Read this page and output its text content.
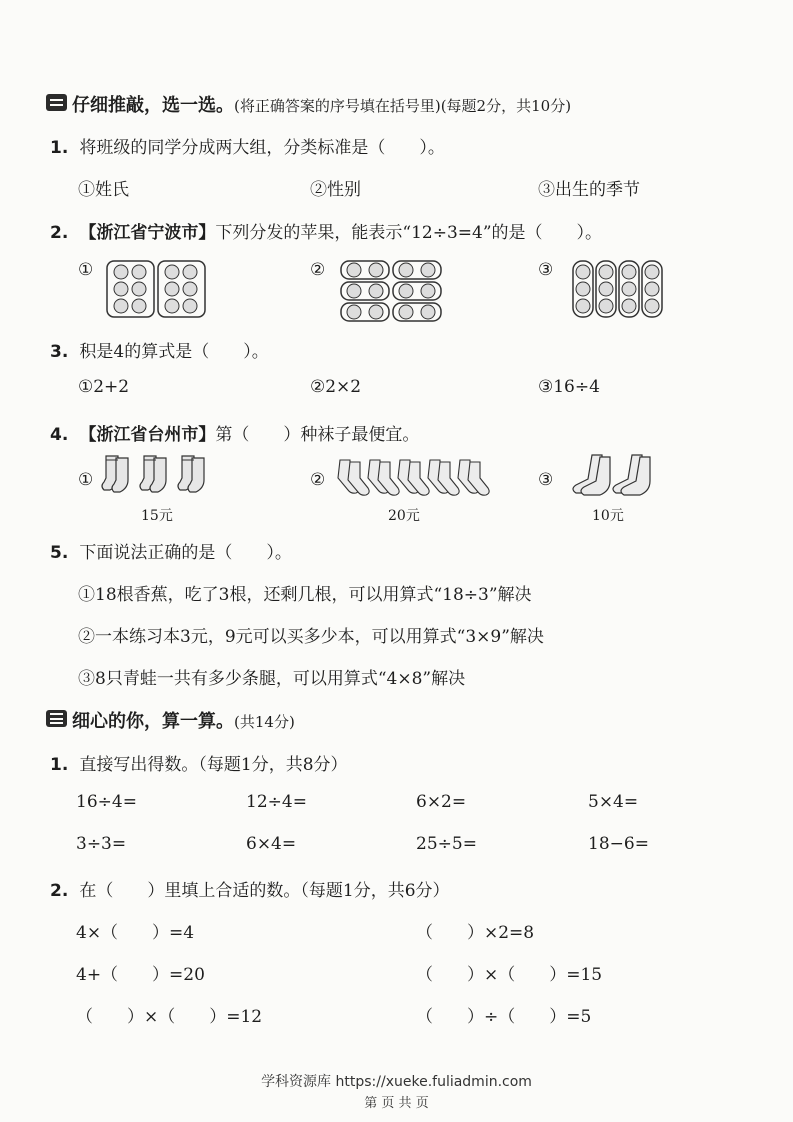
仔细推敲，选一选。(将正确答案的序号填在括号里)(每题2分，共10分)
1. 将班级的同学分成两大组，分类标准是（　　）。
①姓氏	②性别	③出生的季节
2. 【浙江省宁波市】下列分发的苹果，能表示“12÷3=4”的是（　　）。
①	②	③
3. 积是4的算式是（　　）。
①2+2	②2×2	③16÷4
4. 【浙江省台州市】第（　　）种袜子最便宜。
①	②	③
15元	20元	10元
5. 下面说法正确的是（　　）。
①18根香蕉，吃了3根，还剩几根，可以用算式“18÷3”解决
②一本练习本3元，9元可以买多少本，可以用算式“3×9”解决
③8只青蛙一共有多少条腿，可以用算式“4×8”解决
细心的你，算一算。(共14分)
1. 直接写出得数。（每题1分，共8分）
16÷4=	12÷4=	6×2=	5×4=
3÷3=	6×4=	25÷5=	18−6=
2. 在（　　）里填上合适的数。（每题1分，共6分）
4×（　　）=4	（　　）×2=8
4+（　　）=20	（　　）×（　　）=15
（　　）×（　　）=12	（　　）÷（　　）=5
学科资源库 https://xueke.fuliadmin.com
第 页 共 页
